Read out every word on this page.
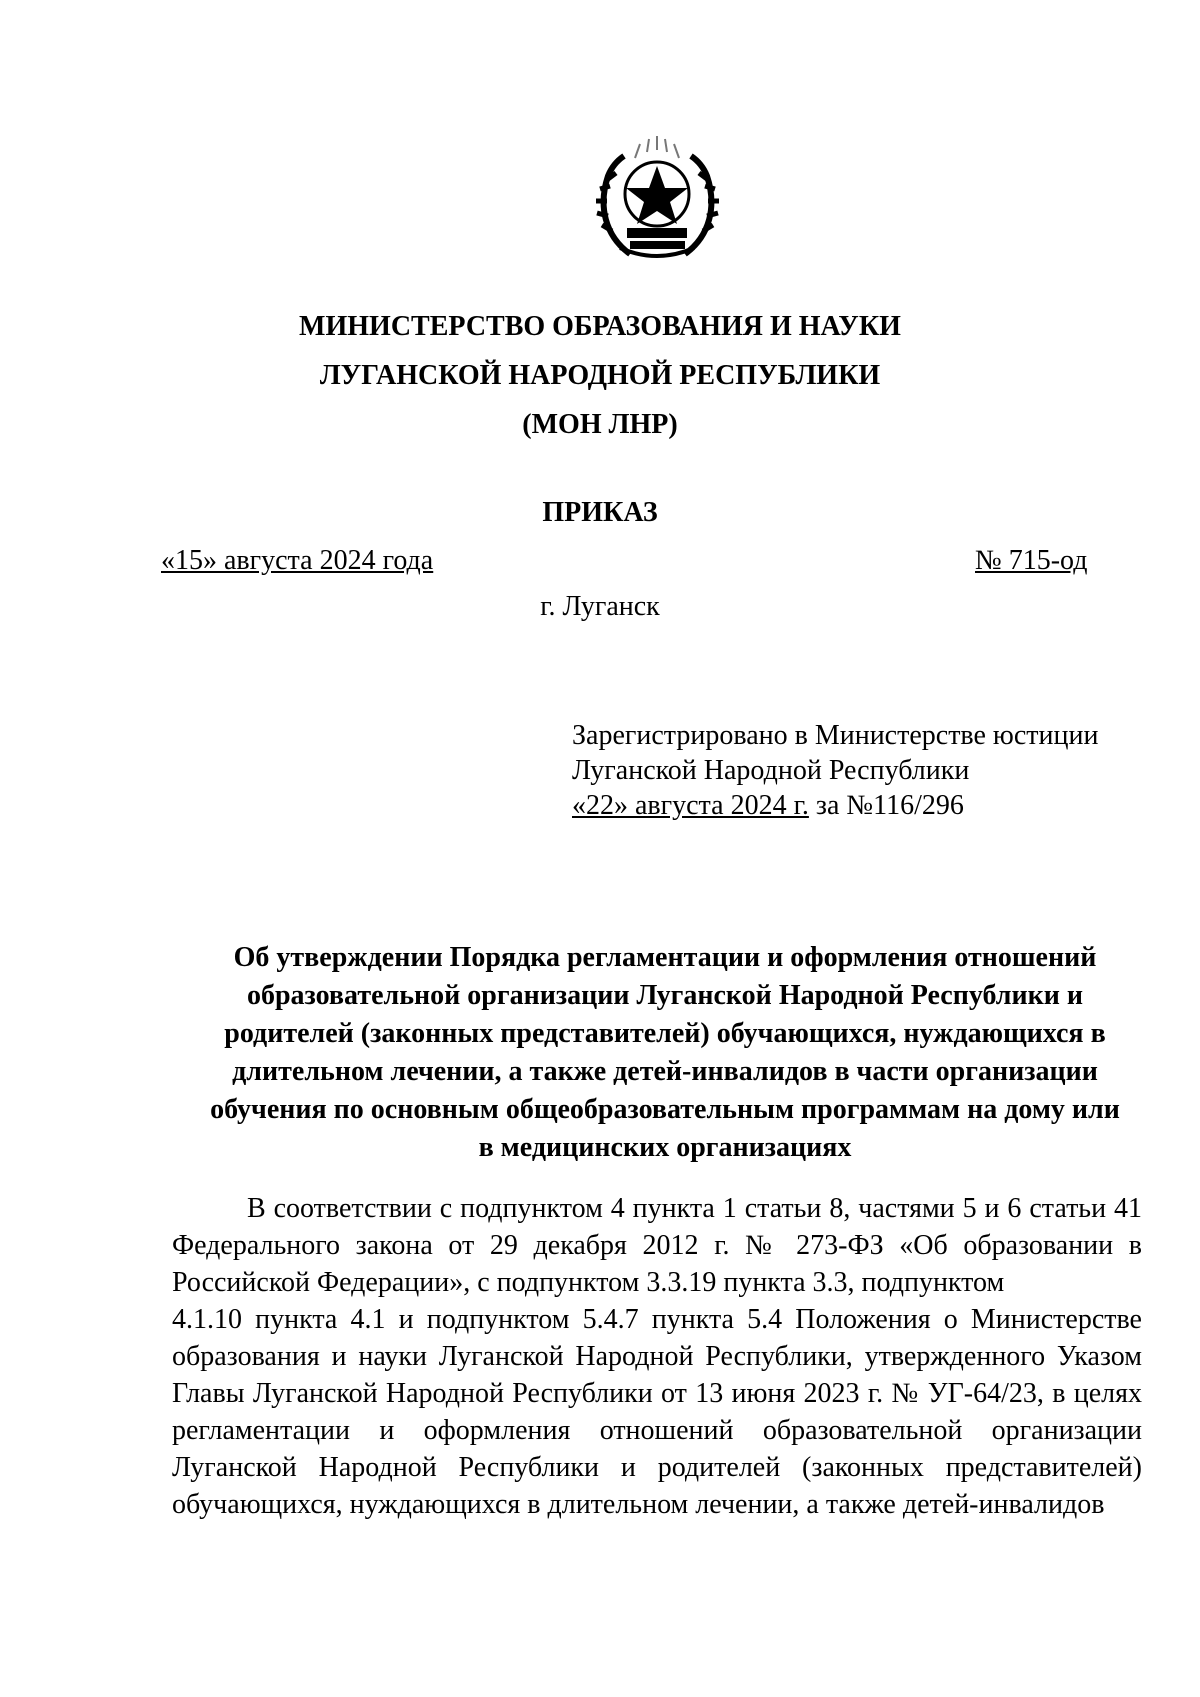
МИНИСТЕРСТВО ОБРАЗОВАНИЯ И НАУКИ
ЛУГАНСКОЙ НАРОДНОЙ РЕСПУБЛИКИ
(МОН ЛНР)
ПРИКАЗ
«15» августа 2024 года	№ 715-од
г. Луганск
Зарегистрировано в Министерстве юстиции
Луганской Народной Республики
«22» августа 2024 г. за №116/296
Об утверждении Порядка регламентации и оформления отношений
образовательной организации Луганской Народной Республики и
родителей (законных представителей) обучающихся, нуждающихся в
длительном лечении, а также детей-инвалидов в части организации
обучения по основным общеобразовательным программам на дому или
в медицинских организациях

В соответствии с подпунктом 4 пункта 1 статьи 8, частями 5 и 6 статьи 41 Федерального закона от 29 декабря 2012 г. № 273-ФЗ «Об образовании в Российской Федерации», с подпунктом 3.3.19 пункта 3.3, подпунктом

4.1.10 пункта 4.1 и подпунктом 5.4.7 пункта 5.4 Положения о Министерстве образования и науки Луганской Народной Республики, утвержденного Указом Главы Луганской Народной Республики от 13 июня 2023 г. № УГ-64/23, в целях регламентации и оформления отношений образовательной организации Луганской Народной Республики и родителей (законных представителей) обучающихся, нуждающихся в длительном лечении, а также детей-инвалидов
